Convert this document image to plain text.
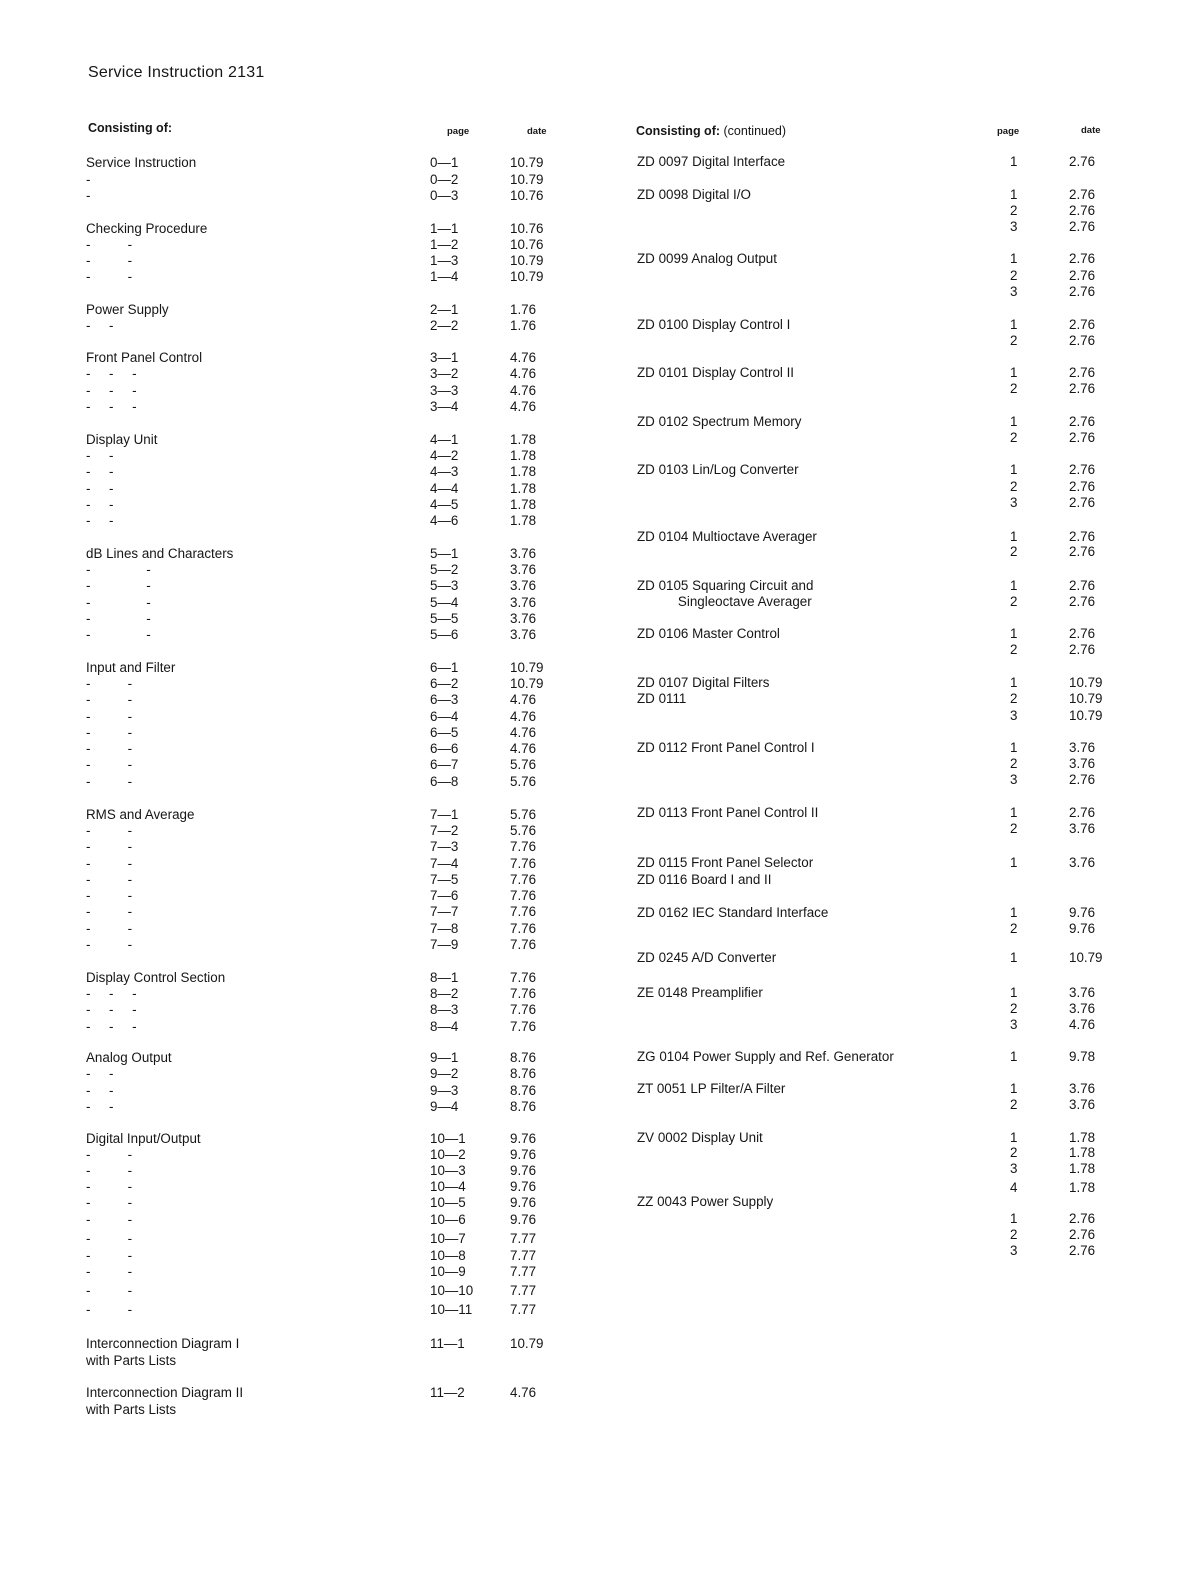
Service Instruction 2131
Consisting of:	page	date	Consisting of: (continued)	page	date
Service Instruction	0—1	10.79
-	0—2	10.79
-	0—3	10.76
Checking Procedure	1—1	10.76
-          -	1—2	10.76
-          -	1—3	10.79
-          -	1—4	10.79
Power Supply	2—1	1.76
-     -	2—2	1.76
Front Panel Control	3—1	4.76
-     -     -	3—2	4.76
-     -     -	3—3	4.76
-     -     -	3—4	4.76
Display Unit	4—1	1.78
-     -	4—2	1.78
-     -	4—3	1.78
-     -	4—4	1.78
-     -	4—5	1.78
-     -	4—6	1.78
dB Lines and Characters	5—1	3.76
-               -	5—2	3.76
-               -	5—3	3.76
-               -	5—4	3.76
-               -	5—5	3.76
-               -	5—6	3.76
Input and Filter	6—1	10.79
-          -	6—2	10.79
-          -	6—3	4.76
-          -	6—4	4.76
-          -	6—5	4.76
-          -	6—6	4.76
-          -	6—7	5.76
-          -	6—8	5.76
RMS and Average	7—1	5.76
-          -	7—2	5.76
-          -	7—3	7.76
-          -	7—4	7.76
-          -	7—5	7.76
-          -	7—6	7.76
-          -	7—7	7.76
-          -	7—8	7.76
-          -	7—9	7.76
Display Control Section	8—1	7.76
-     -     -	8—2	7.76
-     -     -	8—3	7.76
-     -     -	8—4	7.76
Analog Output	9—1	8.76
-     -	9—2	8.76
-     -	9—3	8.76
-     -	9—4	8.76
Digital Input/Output	10—1	9.76
-          -	10—2	9.76
-          -	10—3	9.76
-          -	10—4	9.76
-          -	10—5	9.76
-          -	10—6	9.76
-          -	10—7	7.77
-          -	10—8	7.77
-          -	10—9	7.77
-          -	10—10	7.77
-          -	10—11	7.77
Interconnection Diagram I	11—1	10.79
with Parts Lists
Interconnection Diagram II	11—2	4.76
with Parts Lists
ZD 0097 Digital Interface	1	2.76
ZD 0098 Digital I/O	1	2.76
2	2.76
3	2.76
ZD 0099 Analog Output	1	2.76
2	2.76
3	2.76
ZD 0100 Display Control I	1	2.76
2	2.76
ZD 0101 Display Control II	1	2.76
2	2.76
ZD 0102 Spectrum Memory	1	2.76
2	2.76
ZD 0103 Lin/Log Converter	1	2.76
2	2.76
3	2.76
ZD 0104 Multioctave Averager	1	2.76
2	2.76
ZD 0105 Squaring Circuit and	1	2.76
Singleoctave Averager	2	2.76
ZD 0106 Master Control	1	2.76
2	2.76
ZD 0107 Digital Filters	1	10.79
ZD 0111	2	10.79
3	10.79
ZD 0112 Front Panel Control I	1	3.76
2	3.76
3	2.76
ZD 0113 Front Panel Control II	1	2.76
2	3.76
ZD 0115 Front Panel Selector	1	3.76
ZD 0116 Board I and II
ZD 0162 IEC Standard Interface	1	9.76
2	9.76
ZD 0245 A/D Converter	1	10.79
ZE 0148 Preamplifier	1	3.76
2	3.76
3	4.76
ZG 0104 Power Supply and Ref. Generator	1	9.78
ZT 0051 LP Filter/A Filter	1	3.76
2	3.76
ZV 0002 Display Unit	1	1.78
2	1.78
3	1.78
4	1.78
ZZ 0043 Power Supply
1	2.76
2	2.76
3	2.76
